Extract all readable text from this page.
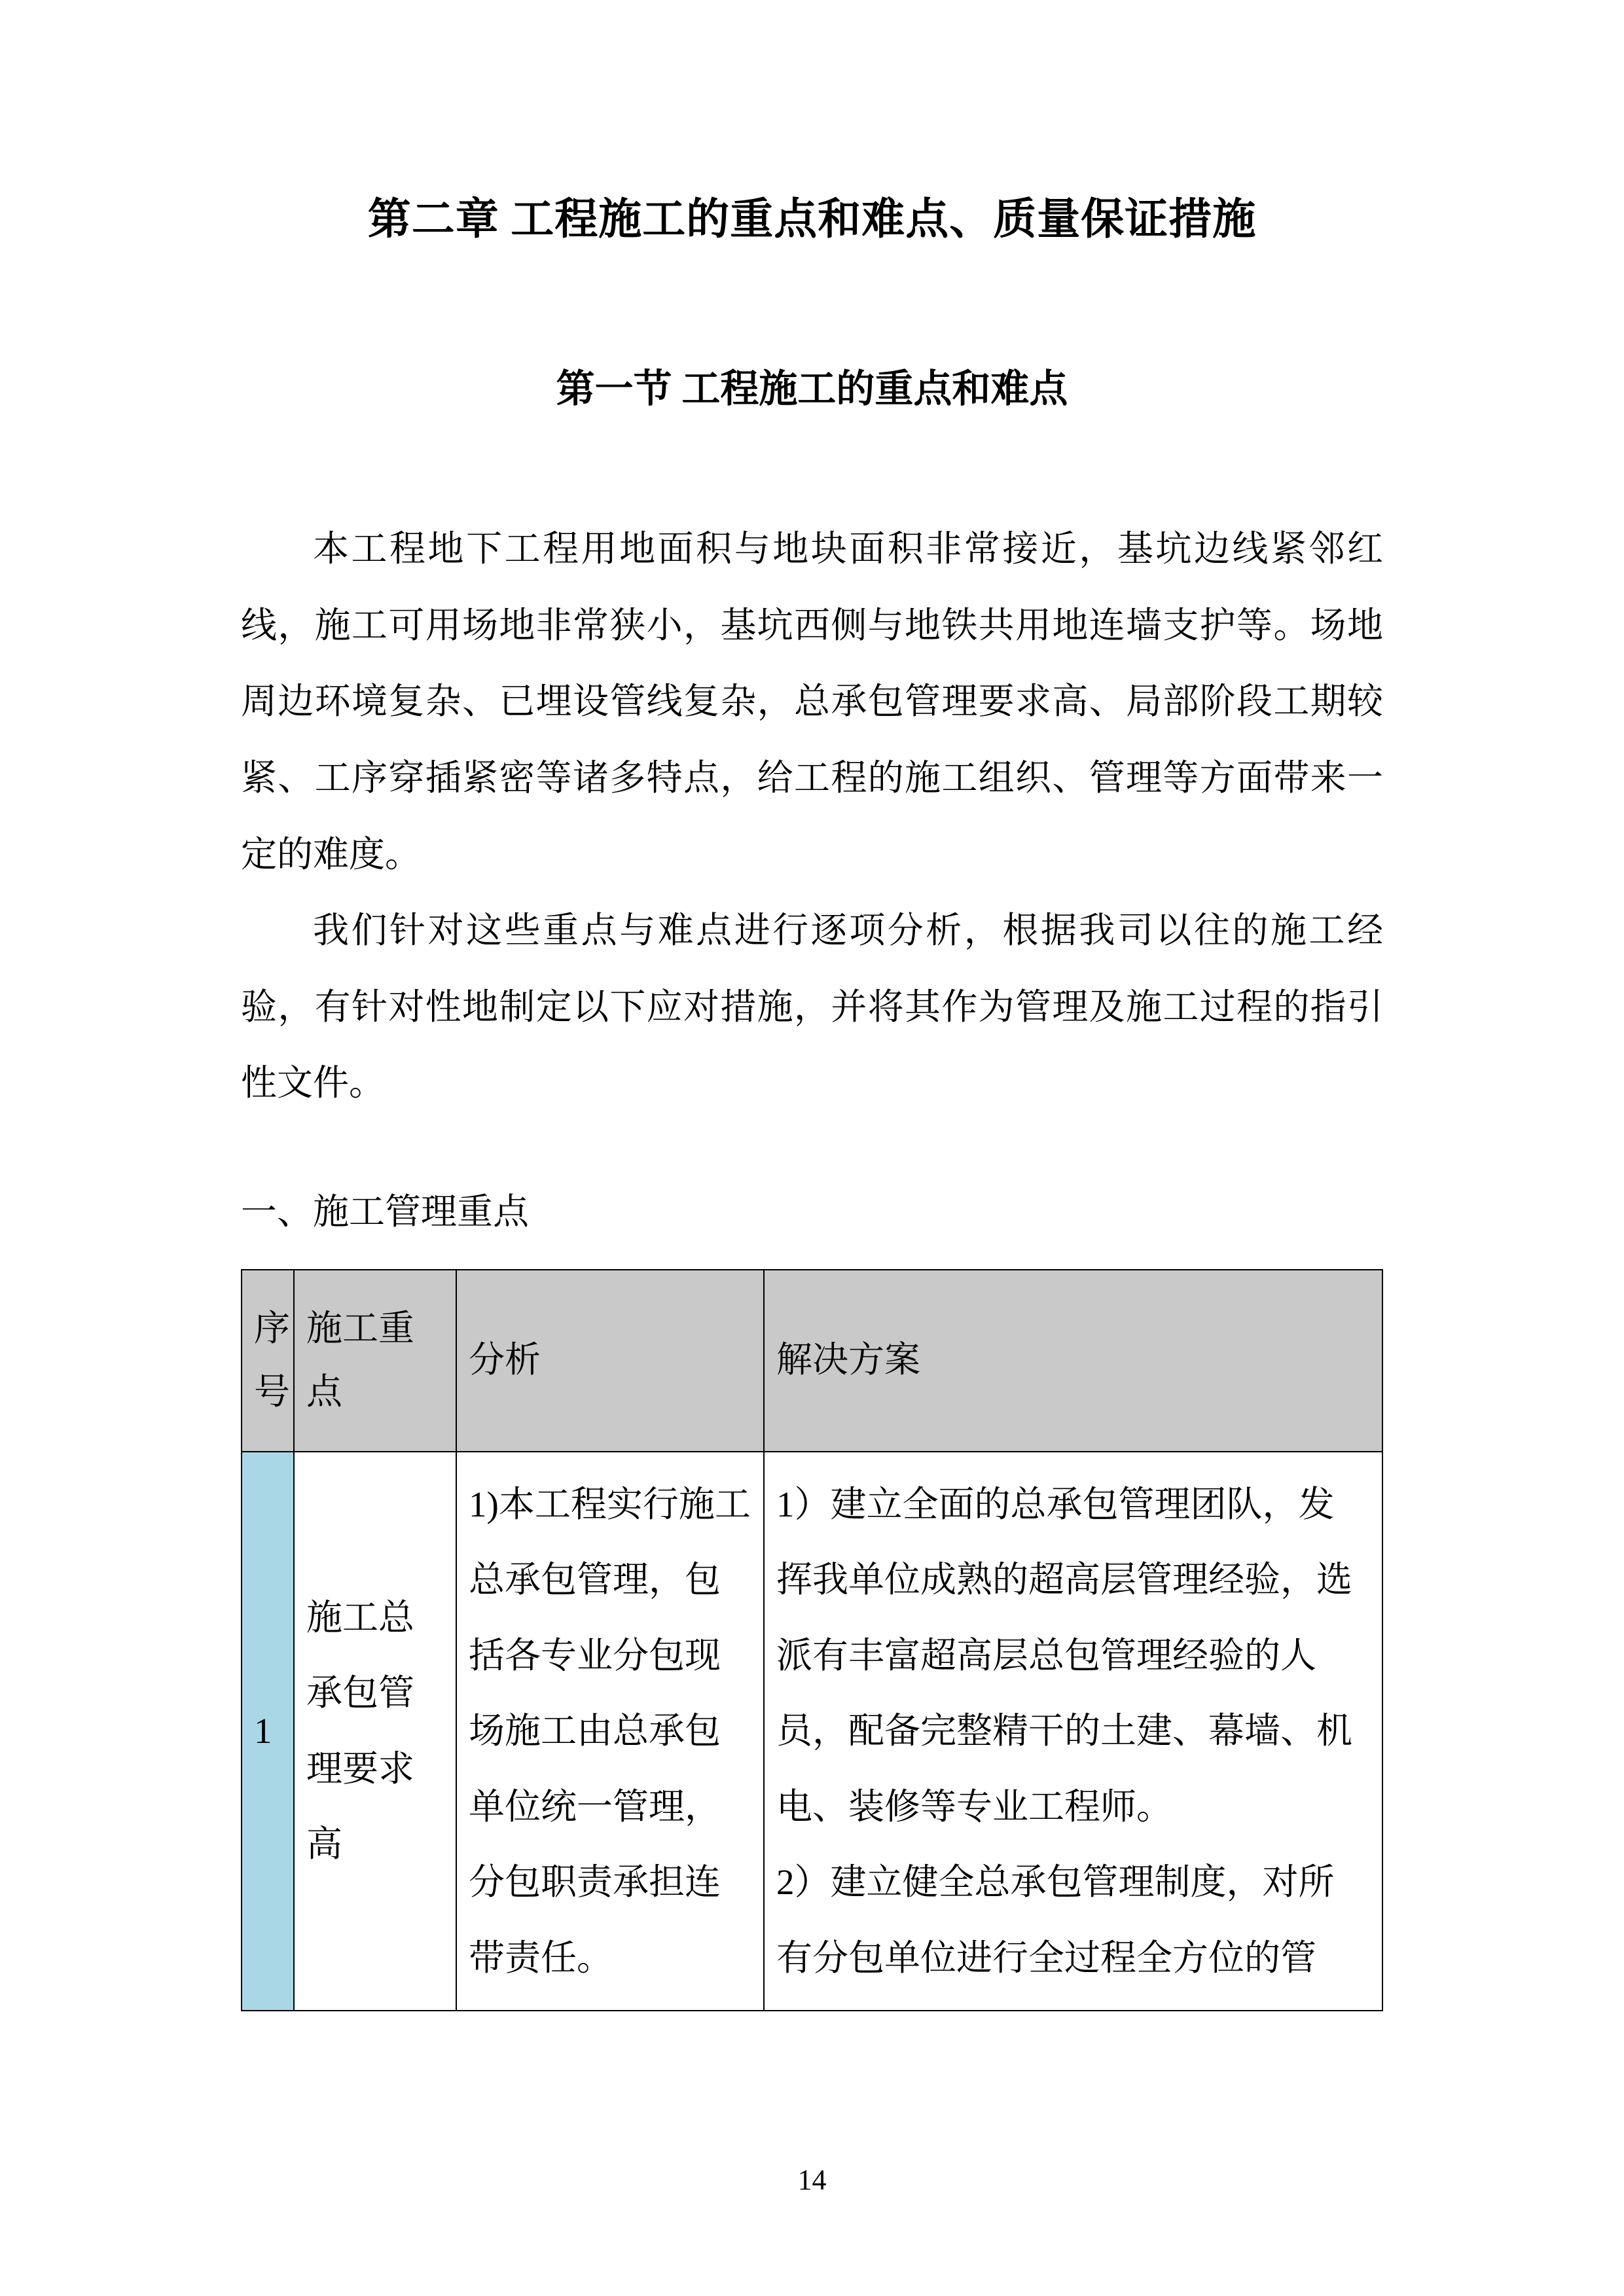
第二章 工程施工的重点和难点、质量保证措施
第一节 工程施工的重点和难点

本工程地下工程用地面积与地块面积非常接近，基坑边线紧邻红线，施工可用场地非常狭小，基坑西侧与地铁共用地连墙支护等。场地周边环境复杂、已埋设管线复杂，总承包管理要求高、局部阶段工期较紧、工序穿插紧密等诸多特点，给工程的施工组织、管理等方面带来一定的难度。

我们针对这些重点与难点进行逐项分析，根据我司以往的施工经验，有针对性地制定以下应对措施，并将其作为管理及施工过程的指引性文件。

一、施工管理重点

序号	施工重点	分析	解决方案
1	施工总承包管理要求高	1)本工程实行施工总承包管理，包括各专业分包现场施工由总承包单位统一管理，分包职责承担连带责任。	1）建立全面的总承包管理团队，发挥我单位成熟的超高层管理经验，选派有丰富超高层总包管理经验的人员，配备完整精干的土建、幕墙、机电、装修等专业工程师。

2）建立健全总承包管理制度，对所有分包单位进行全过程全方位的管

14
